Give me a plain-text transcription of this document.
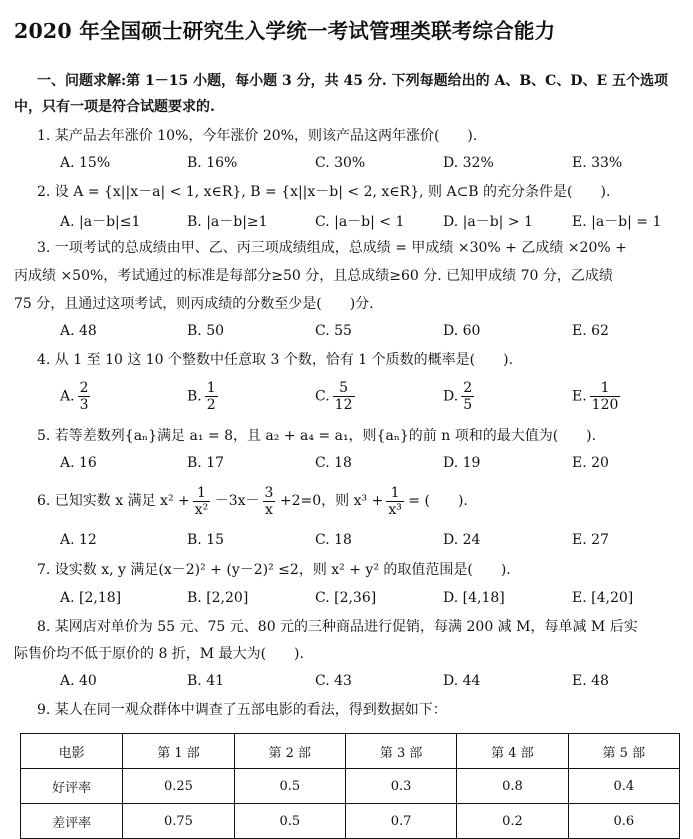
2020 年全国硕士研究生入学统一考试管理类联考综合能力
一、问题求解:第 1－15 小题，每小题 3 分，共 45 分. 下列每题给出的 A、B、C、D、E 五个选项
中，只有一项是符合试题要求的.
1. 某产品去年涨价 10%，今年涨价 20%，则该产品这两年涨价(　　).
A. 15%	B. 16%	C. 30%	D. 32%	E. 33%
2. 设 A = {x||x－a| < 1, x∈R}, B = {x||x－b| < 2, x∈R}, 则 A⊂B 的充分条件是(　　).
A. |a－b|≤1	B. |a－b|≥1	C. |a－b| < 1	D. |a－b| > 1	E. |a－b| = 1
3. 一项考试的总成绩由甲、乙、丙三项成绩组成，总成绩 = 甲成绩 ×30% + 乙成绩 ×20% +
丙成绩 ×50%，考试通过的标准是每部分≥50 分，且总成绩≥60 分. 已知甲成绩 70 分，乙成绩
75 分，且通过这项考试，则丙成绩的分数至少是(　　)分.
A. 48	B. 50	C. 55	D. 60	E. 62
4. 从 1 至 10 这 10 个整数中任意取 3 个数，恰有 1 个质数的概率是(　　).
A. $\frac{2}{3}$	B. $\frac{1}{2}$	C. $\frac{5}{12}$	D. $\frac{2}{5}$	E. $\frac{1}{120}$
5. 若等差数列{aₙ}满足 a₁ = 8，且 a₂ + a₄ = a₁，则{aₙ}的前 n 项和的最大值为(　　).
A. 16	B. 17	C. 18	D. 19	E. 20
6. 已知实数 x 满足 $x^2 + \frac{1}{\text{x²}} -3x- \frac{3}{x} +2=0$，则 $x^3 + \frac{1}{\text{x³}}$ = (　　).
A. 12	B. 15	C. 18	D. 24	E. 27
7. 设实数 x, y 满足(x－2)² + (y－2)² ≤2，则 x² + y² 的取值范围是(　　).
A. [2,18]	B. [2,20]	C. [2,36]	D. [4,18]	E. [4,20]
8. 某网店对单价为 55 元、75 元、80 元的三种商品进行促销，每满 200 减 M，每单减 M 后实
际售价均不低于原价的 8 折，M 最大为(　　).
A. 40	B. 41	C. 43	D. 44	E. 48
9. 某人在同一观众群体中调查了五部电影的看法，得到数据如下：
电影	第 1 部	第 2 部	第 3 部	第 4 部	第 5 部
好评率	0.25	0.5	0.3	0.8	0.4
差评率	0.75	0.5	0.7	0.2	0.6
